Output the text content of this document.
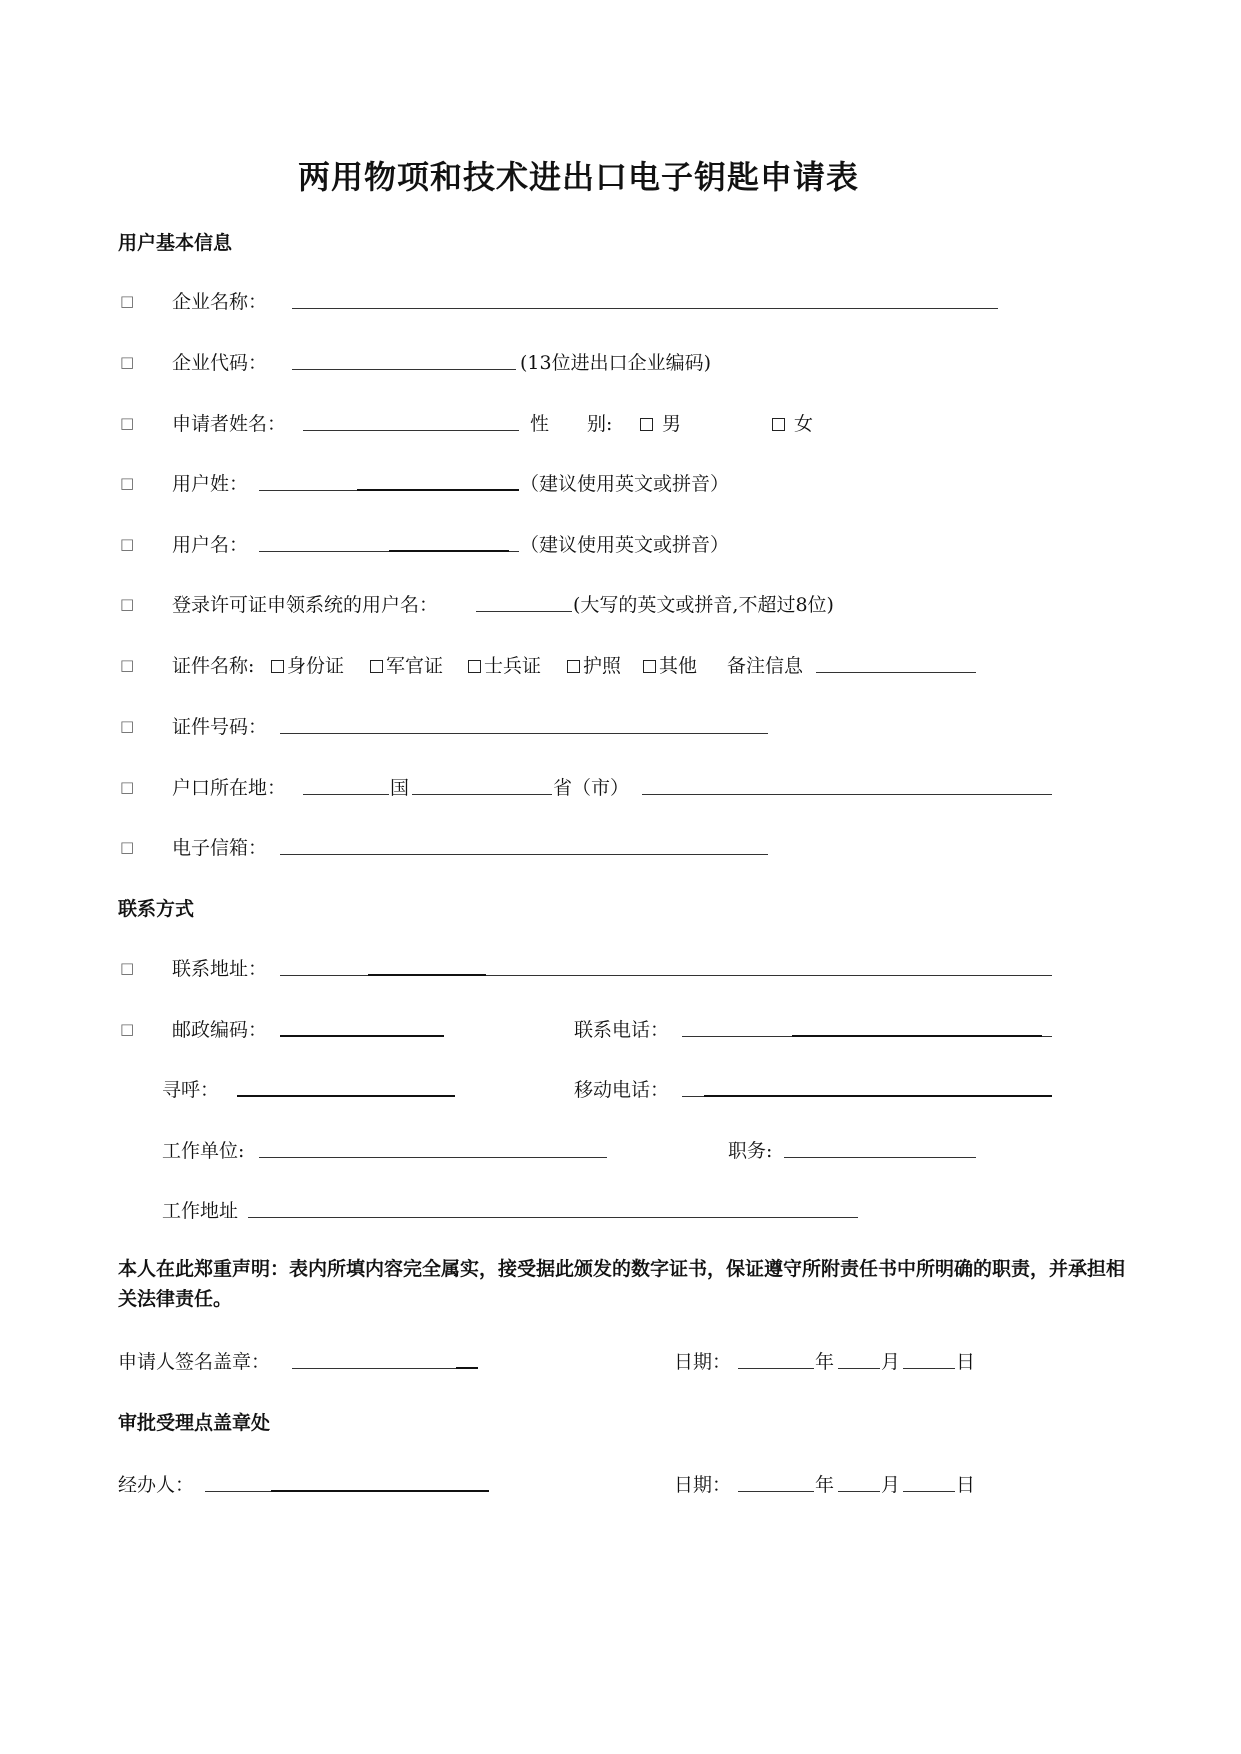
两用物项和技术进出口电子钥匙申请表
用户基本信息
□ 企业名称：
□ 企业代码：	(13位进出口企业编码)
□ 申请者姓名：	性　　别:	男	女
□ 用户姓：	（建议使用英文或拼音）
□ 用户名：	（建议使用英文或拼音）
□ 登录许可证申领系统的用户名：	(大写的英文或拼音,不超过8位)
□ 证件名称:	身份证	军官证	士兵证	护照	其他 备注信息
□ 证件号码：
□ 户口所在地：	国	省（市）
□ 电子信箱：
联系方式
□ 联系地址：
□ 邮政编码：	联系电话：
寻呼：	移动电话：
工作单位:	职务:
工作地址
本人在此郑重声明：表内所填内容完全属实，接受据此颁发的数字证书，保证遵守所附责任书中所明确的职责，并承担相关法律责任。
申请人签名盖章：	日期：	年 月	日
审批受理点盖章处
经办人：	日期：	年 月	日
